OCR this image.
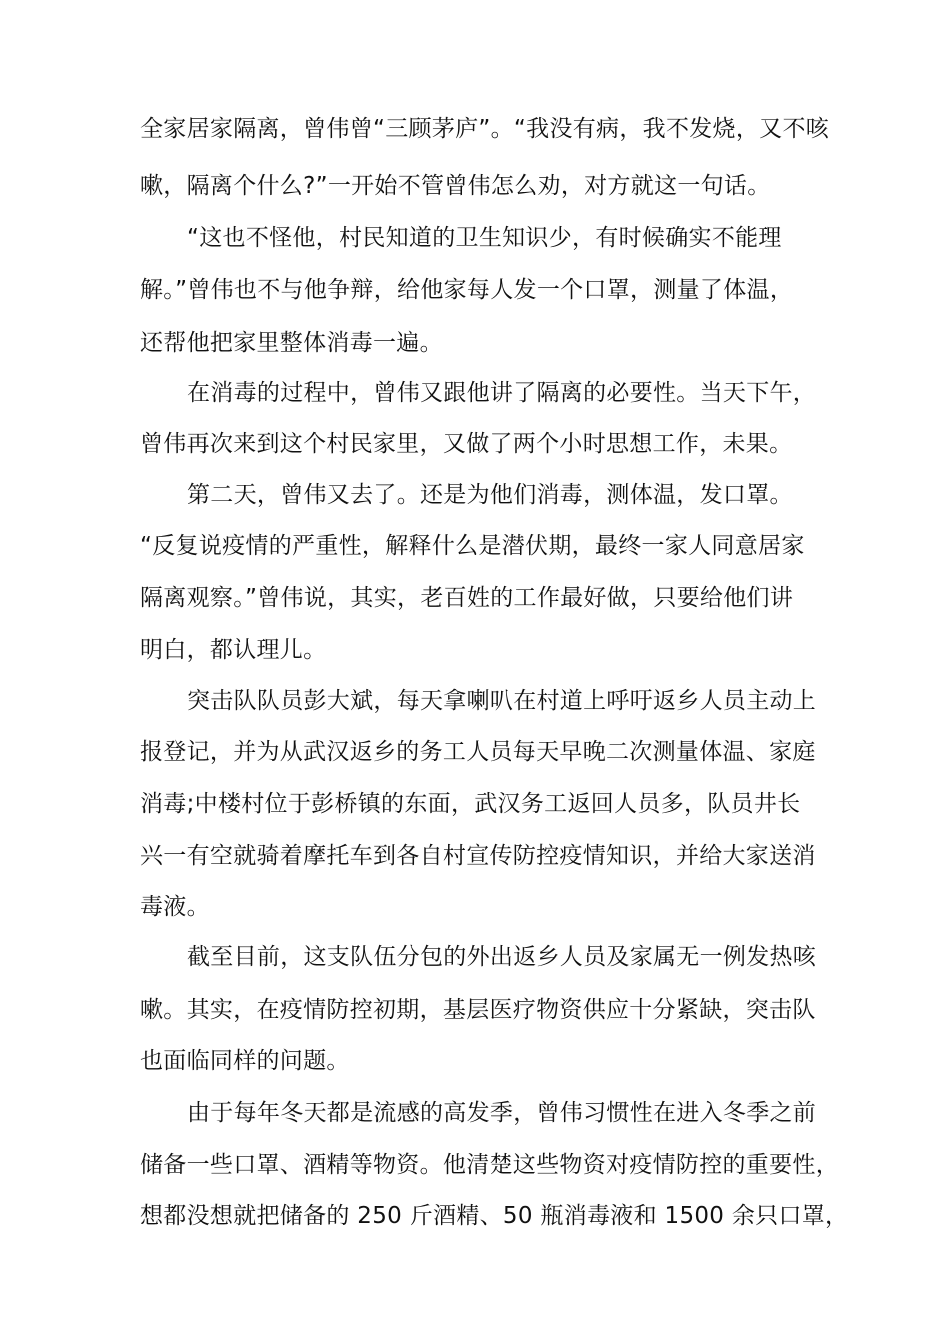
全家居家隔离，曾伟曾“三顾茅庐”。“我没有病，我不发烧，又不咳
嗽，隔离个什么?”一开始不管曾伟怎么劝，对方就这一句话。
“这也不怪他，村民知道的卫生知识少，有时候确实不能理
解。”曾伟也不与他争辩，给他家每人发一个口罩，测量了体温，
还帮他把家里整体消毒一遍。
在消毒的过程中，曾伟又跟他讲了隔离的必要性。当天下午，
曾伟再次来到这个村民家里，又做了两个小时思想工作，未果。
第二天，曾伟又去了。还是为他们消毒，测体温，发口罩。
“反复说疫情的严重性，解释什么是潜伏期，最终一家人同意居家
隔离观察。”曾伟说，其实，老百姓的工作最好做，只要给他们讲
明白，都认理儿。
突击队队员彭大斌，每天拿喇叭在村道上呼吁返乡人员主动上
报登记，并为从武汉返乡的务工人员每天早晚二次测量体温、家庭
消毒;中楼村位于彭桥镇的东面，武汉务工返回人员多，队员井长
兴一有空就骑着摩托车到各自村宣传防控疫情知识，并给大家送消
毒液。
截至目前，这支队伍分包的外出返乡人员及家属无一例发热咳
嗽。其实，在疫情防控初期，基层医疗物资供应十分紧缺，突击队
也面临同样的问题。
由于每年冬天都是流感的高发季，曾伟习惯性在进入冬季之前
储备一些口罩、酒精等物资。他清楚这些物资对疫情防控的重要性，
想都没想就把储备的 250 斤酒精、50 瓶消毒液和 1500 余只口罩，
